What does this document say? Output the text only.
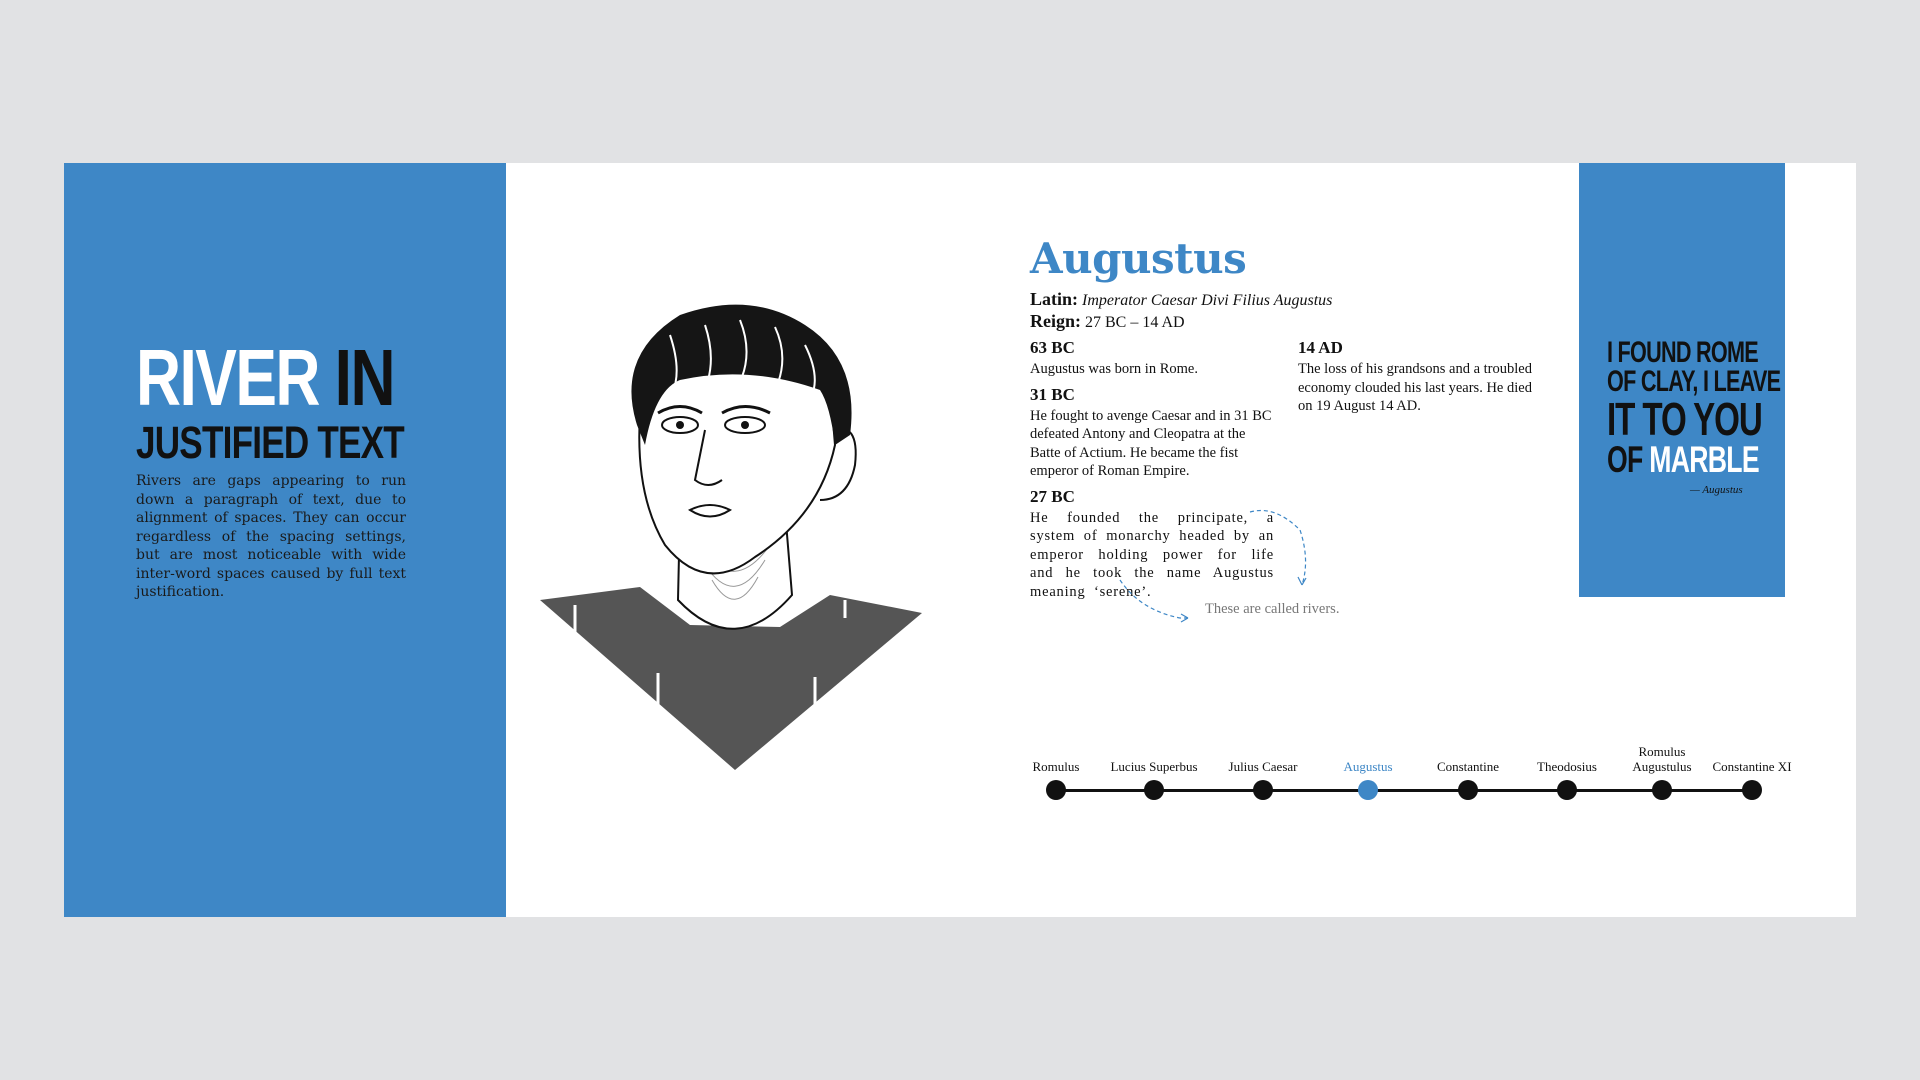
RIVER IN
JUSTIFIED TEXT
Rivers are gaps appearing to run down a paragraph of text, due to alignment of spaces. They can occur regardless of the spacing settings, but are most noticeable with wide inter-word spaces caused by full text justification.
Augustus
Latin: Imperator Caesar Divi Filius Augustus
Reign: 27 BC – 14 AD
63 BC

Augustus was born in Rome.

31 BC

He fought to avenge Caesar and in 31 BC defeated Antony and Cleopatra at the Batte of Actium. He became the fist emperor of Roman Empire.

27 BC

He founded the principate, a system of monarchy headed by an emperor holding power for life and he took the name Augustus meaning ‘serene’.

14 AD

The loss of his grandsons and a troubled economy clouded his last years. He died on 19 August 14 AD.

These are called rivers.
I FOUND ROME
OF CLAY, I LEAVE
IT TO YOU
OF MARBLE
— Augustus
Romulus	Lucius Superbus	Julius Caesar	Augustus	Constantine	Theodosius
Romulus Augustulus	Constantine XI
